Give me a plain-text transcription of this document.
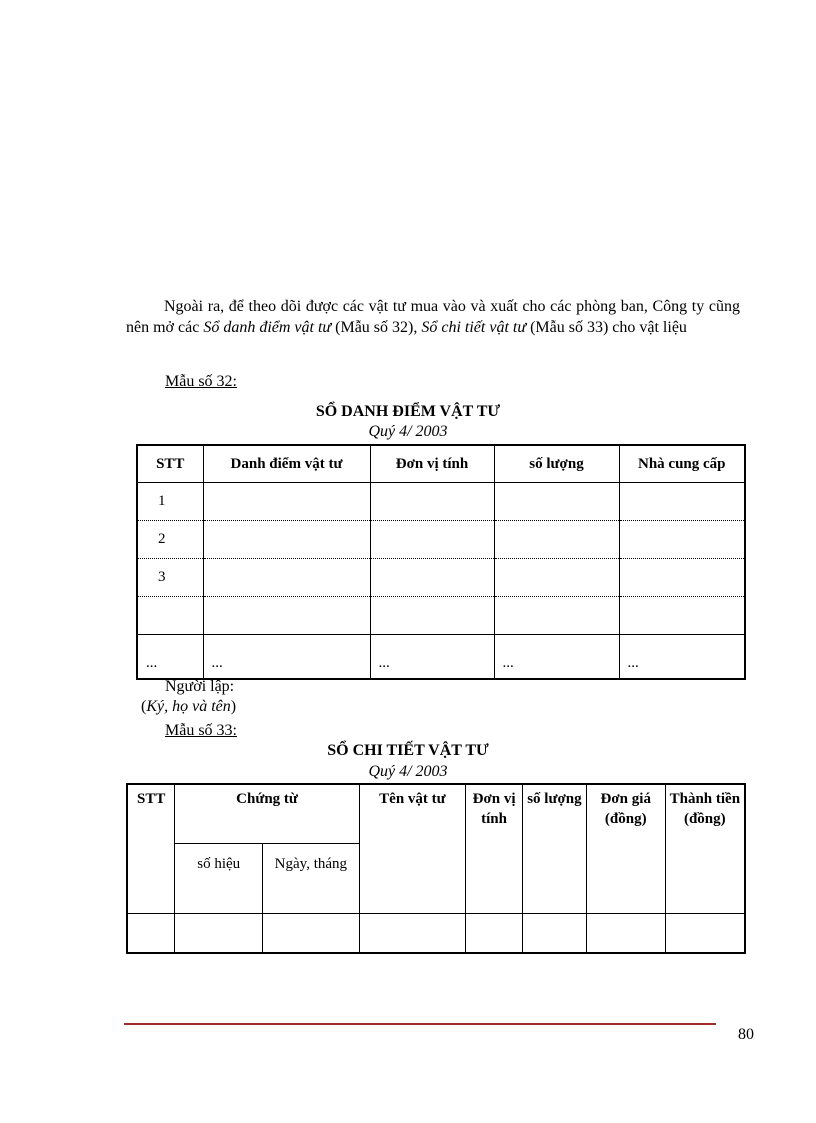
Ngoài ra, để theo dõi được các vật tư mua vào và xuất cho các phòng ban, Công ty cũng nên mở các Sổ danh điểm vật tư (Mẫu số 32), Sổ chi tiết vật tư (Mẫu số 33) cho vật liệu
Mẫu số 32:
SỔ DANH ĐIỂM VẬT TƯ
Quý 4/ 2003
STT	Danh điểm vật tư	Đơn vị tính	số lượng	Nhà cung cấp
1				
2				
3				

...	...	...	...	...
Người lập:
(Ký, họ và tên)
Mẫu số 33:
SỔ CHI TIẾT VẬT TƯ
Quý 4/ 2003
STT	Chứng từ		Tên vật tư	Đơn vị tính	số lượng	Đơn giá (đồng)	Thành tiền (đồng)
	số hiệu	Ngày, tháng					

80
